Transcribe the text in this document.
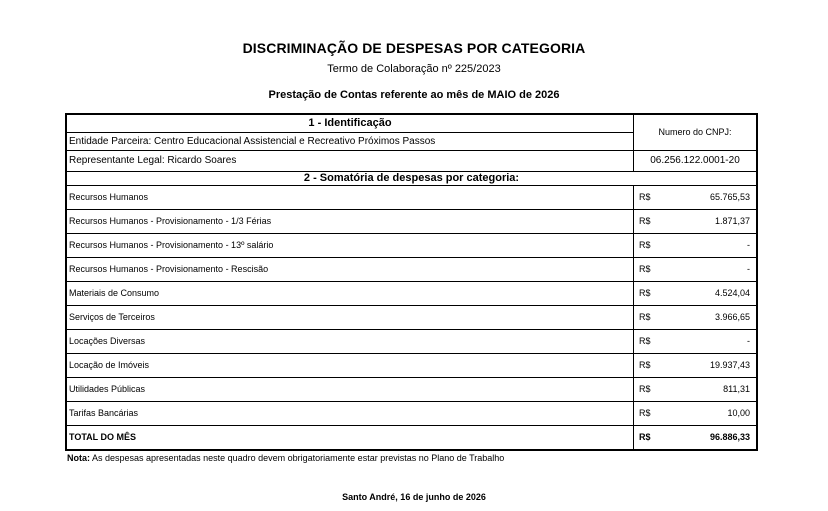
DISCRIMINAÇÃO DE DESPESAS POR CATEGORIA
Termo de Colaboração nº 225/2023
Prestação de Contas referente ao mês de MAIO de 2026
1 - Identificação	Numero do CNPJ:
Entidade Parceira: Centro Educacional Assistencial e Recreativo Próximos Passos	
Representante Legal: Ricardo Soares	06.256.122.0001-20
2 - Somatória de despesas por categoria:	
Recursos Humanos	R$ 65.765,53

Recursos Humanos - Provisionamento - 1/3 Férias	R$ 1.871,37

Recursos Humanos - Provisionamento - 13º salário	R$ -

Recursos Humanos - Provisionamento - Rescisão	R$ -

Materiais de Consumo	R$ 4.524,04

Serviços de Terceiros	R$ 3.966,65

Locações Diversas	R$ -

Locação de Imóveis	R$ 19.937,43

Utilidades Públicas	R$ 811,31

Tarifas Bancárias	R$ 10,00

TOTAL DO MÊS	R$ 96.886,33
Nota: As despesas apresentadas neste quadro devem obrigatoriamente estar previstas no Plano de Trabalho
Santo André, 16 de junho de 2026
